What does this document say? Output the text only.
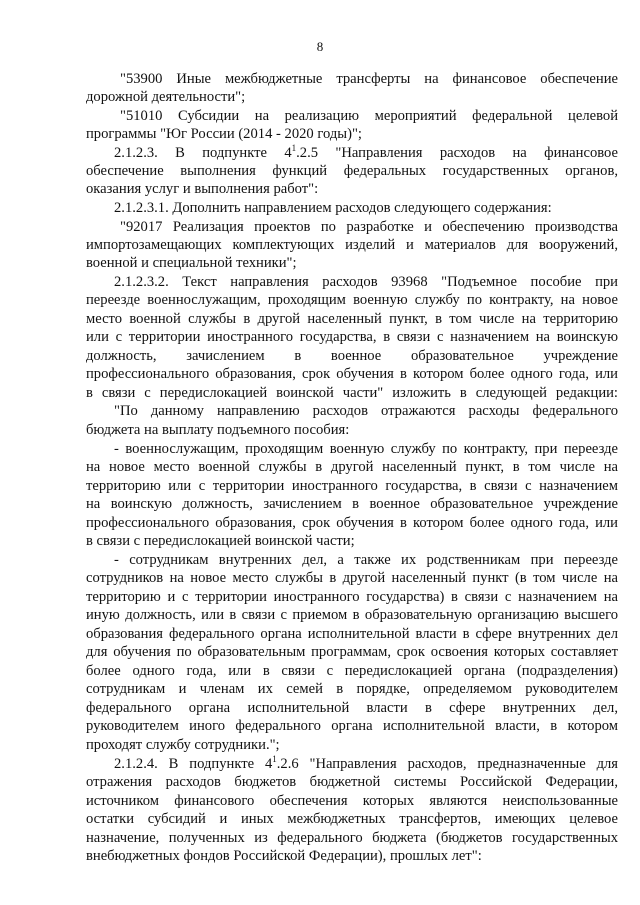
8
"53900 Иные межбюджетные трансферты на финансовое обеспечение
дорожной деятельности";
"51010 Субсидии на реализацию мероприятий федеральной целевой
программы "Юг России (2014 - 2020 годы)";
2.1.2.3. В подпункте $4^1.2.5$ "Направления расходов на финансовое
обеспечение выполнения функций федеральных государственных органов,
оказания услуг и выполнения работ":
2.1.2.3.1. Дополнить направлением расходов следующего содержания:
"92017 Реализация проектов по разработке и обеспечению производства
импортозамещающих комплектующих изделий и материалов для вооружений,
военной и специальной техники";
2.1.2.3.2. Текст направления расходов 93968 "Подъемное пособие при
переезде военнослужащим, проходящим военную службу по контракту, на новое
место военной службы в другой населенный пункт, в том числе на территорию
или с территории иностранного государства, в связи с назначением на воинскую
должность, зачислением в военное образовательное учреждение
профессионального образования, срок обучения в котором более одного года, или
в связи с передислокацией воинской части" изложить в следующей редакции:
"По данному направлению расходов отражаются расходы федерального
бюджета на выплату подъемного пособия:
- военнослужащим, проходящим военную службу по контракту, при переезде
на новое место военной службы в другой населенный пункт, в том числе на
территорию или с территории иностранного государства, в связи с назначением
на воинскую должность, зачислением в военное образовательное учреждение
профессионального образования, срок обучения в котором более одного года, или
в связи с передислокацией воинской части;
- сотрудникам внутренних дел, а также их родственникам при переезде
сотрудников на новое место службы в другой населенный пункт (в том числе на
территорию и с территории иностранного государства) в связи с назначением на
иную должность, или в связи с приемом в образовательную организацию высшего
образования федерального органа исполнительной власти в сфере внутренних дел
для обучения по образовательным программам, срок освоения которых составляет
более одного года, или в связи с передислокацией органа (подразделения)
сотрудникам и членам их семей в порядке, определяемом руководителем
федерального органа исполнительной власти в сфере внутренних дел,
руководителем иного федерального органа исполнительной власти, в котором
проходят службу сотрудники.";
2.1.2.4. В подпункте $4^1.2.6$ "Направления расходов, предназначенные для
отражения расходов бюджетов бюджетной системы Российской Федерации,
источником финансового обеспечения которых являются неиспользованные
остатки субсидий и иных межбюджетных трансфертов, имеющих целевое
назначение, полученных из федерального бюджета (бюджетов государственных
внебюджетных фондов Российской Федерации), прошлых лет":
